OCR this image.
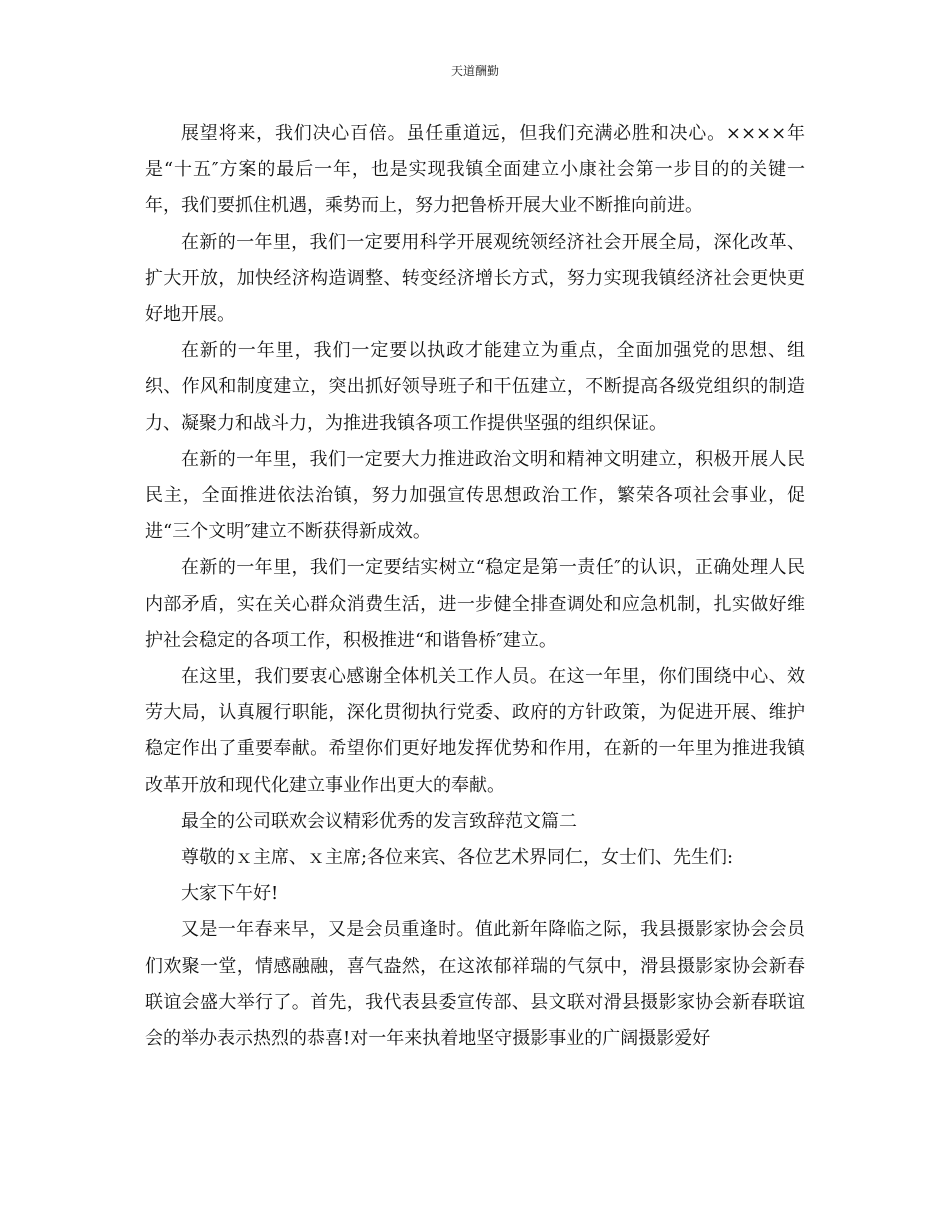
天道酬勤

展望将来，我们决心百倍。虽任重道远，但我们充满必胜和决心。××××年是“十五″方案的最后一年，也是实现我镇全面建立小康社会第一步目的的关键一年，我们要抓住机遇，乘势而上，努力把鲁桥开展大业不断推向前进。

在新的一年里，我们一定要用科学开展观统领经济社会开展全局，深化改革、扩大开放，加快经济构造调整、转变经济增长方式，努力实现我镇经济社会更快更好地开展。

在新的一年里，我们一定要以执政才能建立为重点，全面加强党的思想、组织、作风和制度建立，突出抓好领导班子和干伍建立，不断提高各级党组织的制造力、凝聚力和战斗力，为推进我镇各项工作提供坚强的组织保证。

在新的一年里，我们一定要大力推进政治文明和精神文明建立，积极开展人民民主，全面推进依法治镇，努力加强宣传思想政治工作，繁荣各项社会事业，促进“三个文明″建立不断获得新成效。

在新的一年里，我们一定要结实树立“稳定是第一责任″的认识，正确处理人民内部矛盾，实在关心群众消费生活，进一步健全排查调处和应急机制，扎实做好维护社会稳定的各项工作，积极推进“和谐鲁桥″建立。

在这里，我们要衷心感谢全体机关工作人员。在这一年里，你们围绕中心、效劳大局，认真履行职能，深化贯彻执行党委、政府的方针政策，为促进开展、维护稳定作出了重要奉献。希望你们更好地发挥优势和作用，在新的一年里为推进我镇改革开放和现代化建立事业作出更大的奉献。

最全的公司联欢会议精彩优秀的发言致辞范文篇二

尊敬的ｘ主席、ｘ主席;各位来宾、各位艺术界同仁，女士们、先生们:

大家下午好!

又是一年春来早，又是会员重逢时。值此新年降临之际，我县摄影家协会会员们欢聚一堂，情感融融，喜气盎然，在这浓郁祥瑞的气氛中，滑县摄影家协会新春联谊会盛大举行了。首先，我代表县委宣传部、县文联对滑县摄影家协会新春联谊会的举办表示热烈的恭喜!对一年来执着地坚守摄影事业的广阔摄影爱好
